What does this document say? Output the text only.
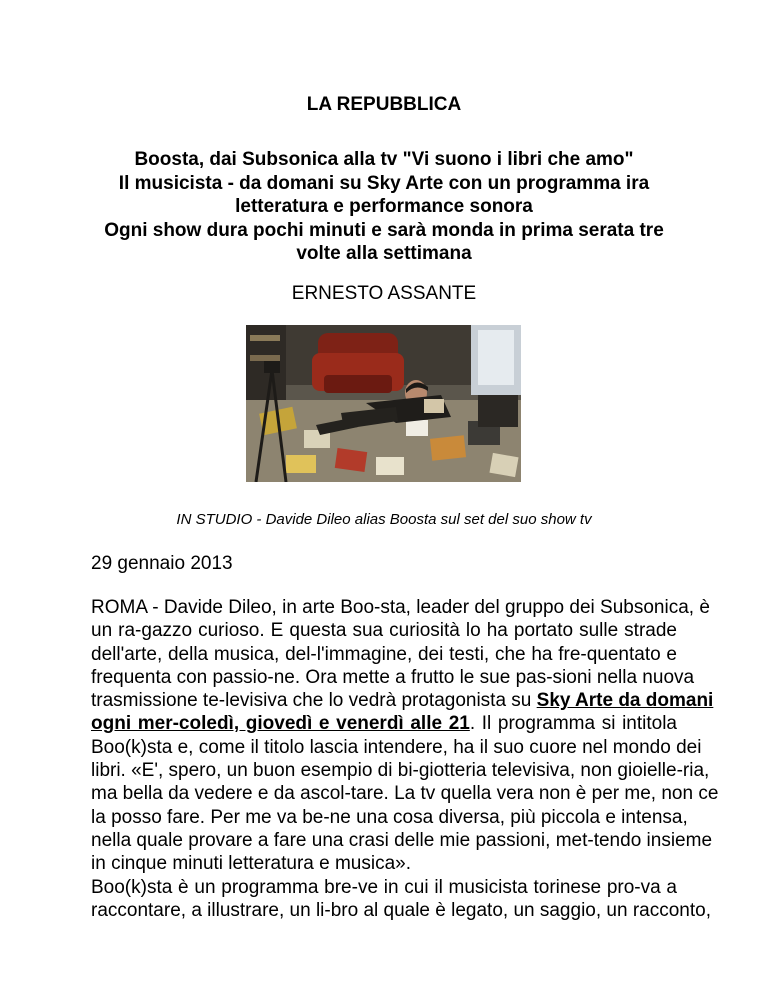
LA REPUBBLICA
Boosta, dai Subsonica alla tv "Vi suono i libri che amo"
Il musicista - da domani su Sky Arte con un programma ira
letteratura e performance sonora
Ogni show dura pochi minuti e sarà monda in prima serata tre
volte alla settimana
ERNESTO ASSANTE
IN STUDIO - Davide Dileo alias Boosta sul set del suo show tv
29 gennaio 2013
ROMA - Davide Dileo, in arte Boo-sta, leader del gruppo dei Subsonica, è
un ra-gazzo curioso. E questa sua curiosità lo ha portato sulle strade
dell'arte, della musica, del-l'immagine, dei testi, che ha fre-quentato e
frequenta con passio-ne. Ora mette a frutto le sue pas-sioni nella nuova
trasmissione te-levisiva che lo vedrà protagonista su Sky Arte da domani
ogni mer-coledì, giovedì e venerdì alle 21. Il programma si intitola
Boo(k)sta e, come il titolo lascia intendere, ha il suo cuore nel mondo dei
libri. «E', spero, un buon esempio di bi-giotteria televisiva, non gioielle-ria,
ma bella da vedere e da ascol-tare. La tv quella vera non è per me, non ce
la posso fare. Per me va be-ne una cosa diversa, più piccola e intensa,
nella quale provare a fare una crasi delle mie passioni, met-tendo insieme
in cinque minuti letteratura e musica».
Boo(k)sta è un programma bre-ve in cui il musicista torinese pro-va a
raccontare, a illustrare, un li-bro al quale è legato, un saggio, un racconto,
